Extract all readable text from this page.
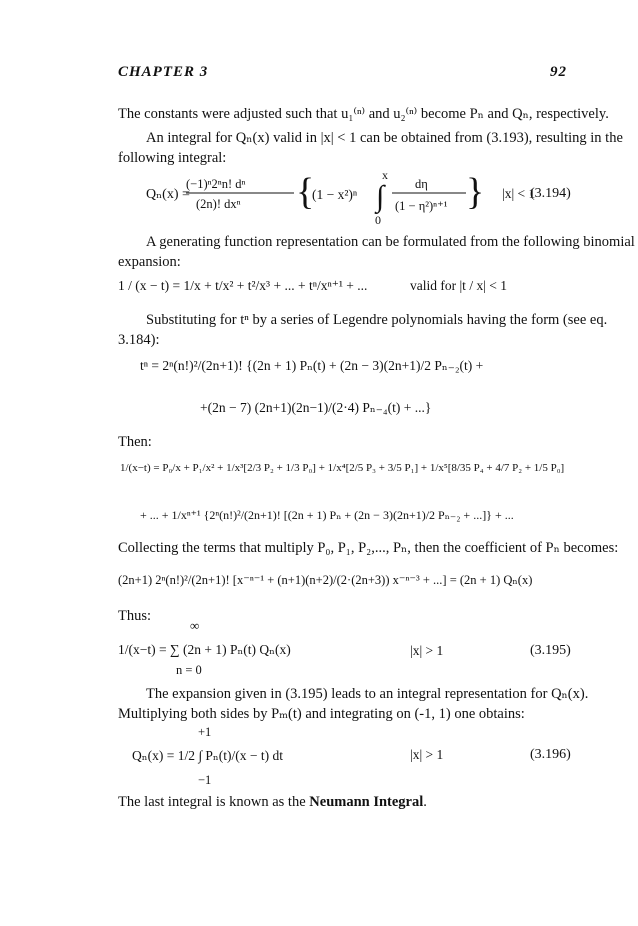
CHAPTER 3	92
The constants were adjusted such that u₁⁽ⁿ⁾ and u₂⁽ⁿ⁾ become Pₙ and Qₙ, respectively.
An integral for Qₙ(x) valid in |x| < 1 can be obtained from (3.193), resulting in the
following integral:
Qₙ(x) =
(−1)ⁿ2ⁿn! dⁿ
(2n)! dxⁿ {
(1 − x²)ⁿ ∫
x
0
dη
(1 − η²)ⁿ⁺¹ } |x| < 1
(3.194)
A generating function representation can be formulated from the following binomial
expansion:
1 / (x − t) = 1/x + t/x² + t²/x³ + ... + tⁿ/xⁿ⁺¹ + ...	valid for |t / x| < 1
Substituting for tⁿ by a series of Legendre polynomials having the form (see eq.
3.184):
tⁿ = 2ⁿ(n!)²/(2n+1)! {(2n + 1) Pₙ(t) + (2n − 3)(2n+1)/2 Pₙ₋₂(t) +
+(2n − 7) (2n+1)(2n−1)/(2·4) Pₙ₋₄(t) + ...}
Then:
1/(x−t) = P₀/x + P₁/x² + 1/x³[2/3 P₂ + 1/3 P₀] + 1/x⁴[2/5 P₃ + 3/5 P₁] + 1/x⁵[8/35 P₄ + 4/7 P₂ + 1/5 P₀]
+ ... + 1/xⁿ⁺¹ {2ⁿ(n!)²/(2n+1)! [(2n + 1) Pₙ + (2n − 3)(2n+1)/2 Pₙ₋₂ + ...]} + ...
Collecting the terms that multiply P₀, P₁, P₂,..., Pₙ, then the coefficient of Pₙ becomes:
(2n+1) 2ⁿ(n!)²/(2n+1)! [x⁻ⁿ⁻¹ + (n+1)(n+2)/(2·(2n+3)) x⁻ⁿ⁻³ + ...] = (2n + 1) Qₙ(x)
Thus:
∞
1/(x−t) = ∑ (2n + 1) Pₙ(t) Qₙ(x)
n = 0
|x| > 1	(3.195)
The expansion given in (3.195) leads to an integral representation for Qₙ(x).
Multiplying both sides by Pₘ(t) and integrating on (-1, 1) one obtains:
+1
Qₙ(x) = 1/2 ∫ Pₙ(t)/(x − t) dt
−1
|x| > 1	(3.196)
The last integral is known as the Neumann Integral.
